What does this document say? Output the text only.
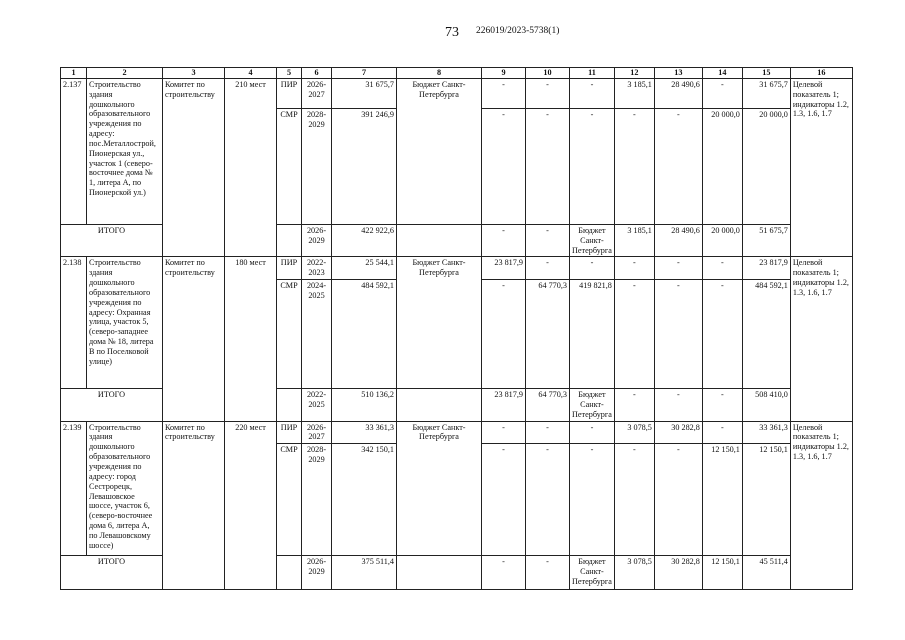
73 226019/2023-5738(1)
1	2	3	4	5	6	7	8	9	10	11	12	13	14	15	16
2.137	Строительство здания дошкольного образовательного учреждения по адресу: пос.Металлострой, Пионерская ул., участок 1 (северо-восточнее дома № 1, литера А, по Пионерской ул.)	Комитет по строительству	210 мест	ПИР	2026-2027	31 675,7	Бюджет Санкт-Петербурга	-	-	-	3 185,1	28 490,6	-	31 675,7	Целевой показатель 1; индикаторы 1.2, 1.3, 1.6, 1.7
				СМР	2028-2029	391 246,9		-	-	-	-	-	20 000,0	20 000,0	
ИТОГО					2026-2029	422 922,6		-	-	Бюджет Санкт-Петербурга	3 185,1	28 490,6	20 000,0	51 675,7	
2.138	Строительство здания дошкольного образовательного учреждения по адресу: Охранная улица, участок 5, (северо-западнее дома № 18, литера В по Поселковой улице)	Комитет по строительству	180 мест	ПИР	2022-2023	25 544,1	Бюджет Санкт-Петербурга	23 817,9	-	-	-	-	-	23 817,9	Целевой показатель 1; индикаторы 1.2, 1.3, 1.6, 1.7
				СМР	2024-2025	484 592,1		-	64 770,3	419 821,8	-	-	-	484 592,1	
ИТОГО					2022-2025	510 136,2		23 817,9	64 770,3	Бюджет Санкт-Петербурга	-	-	-	508 410,0	
2.139	Строительство здания дошкольного образовательного учреждения по адресу: город Сестрорецк, Левашовское шоссе, участок 6, (северо-восточнее дома 6, литера А, по Левашовскому шоссе)	Комитет по строительству	220 мест	ПИР	2026-2027	33 361,3	Бюджет Санкт-Петербурга	-	-	-	3 078,5	30 282,8	-	33 361,3	Целевой показатель 1; индикаторы 1.2, 1.3, 1.6, 1.7
				СМР	2028-2029	342 150,1		-	-	-	-	-	12 150,1	12 150,1	
ИТОГО					2026-2029	375 511,4		-	-	Бюджет Санкт-Петербурга	3 078,5	30 282,8	12 150,1	45 511,4	
